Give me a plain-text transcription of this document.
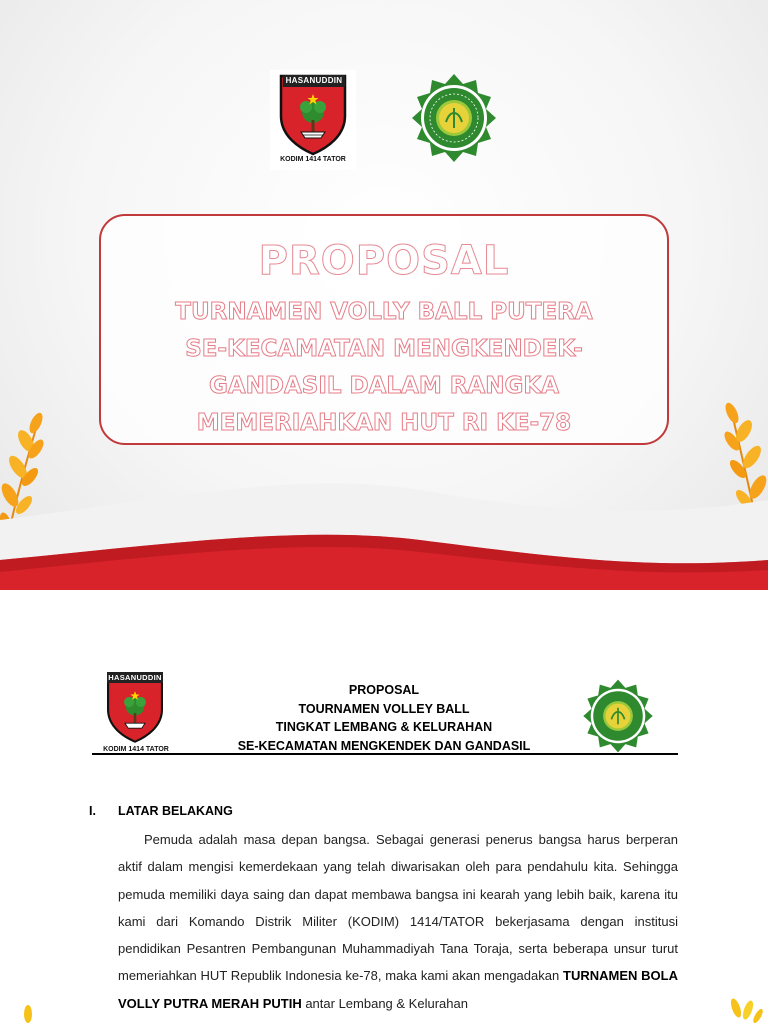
HASANUDDIN
KODIM 1414 TATOR
PROPOSAL
TURNAMEN VOLLY BALL PUTERA
SE-KECAMATAN MENGKENDEK-
GANDASIL DALAM RANGKA
MEMERIAHKAN HUT RI KE-78
HASANUDDIN
KODIM 1414 TATOR
PROPOSAL
TOURNAMEN VOLLEY BALL
TINGKAT LEMBANG & KELURAHAN
SE-KECAMATAN MENGKENDEK DAN GANDASIL
I. LATAR BELAKANG
Pemuda adalah masa depan bangsa. Sebagai generasi penerus bangsa harus berperan aktif dalam mengisi kemerdekaan yang telah diwarisakan oleh para pendahulu kita. Sehingga pemuda memiliki daya saing dan dapat membawa bangsa ini kearah yang lebih baik, karena itu kami dari Komando Distrik Militer (KODIM) 1414/TATOR bekerjasama dengan institusi pendidikan Pesantren Pembangunan Muhammadiyah Tana Toraja, serta beberapa unsur turut memeriahkan HUT Republik Indonesia ke-78, maka kami akan mengadakan TURNAMEN BOLA VOLLY PUTRA MERAH PUTIH antar Lembang & Kelurahan
